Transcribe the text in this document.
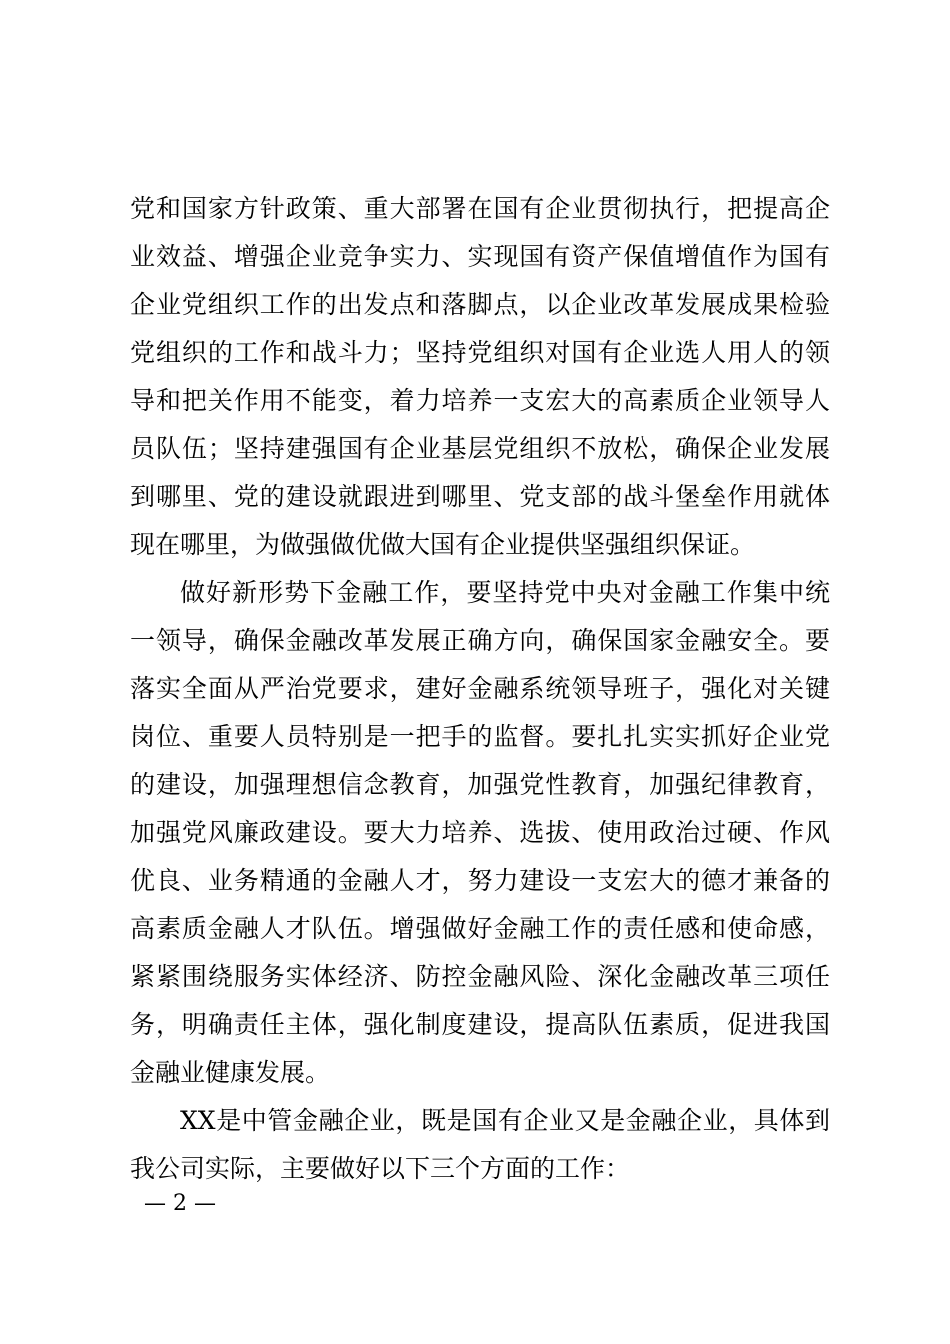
党和国家方针政策、重大部署在国有企业贯彻执行，把提高企
业效益、增强企业竞争实力、实现国有资产保值增值作为国有
企业党组织工作的出发点和落脚点，以企业改革发展成果检验
党组织的工作和战斗力；坚持党组织对国有企业选人用人的领
导和把关作用不能变，着力培养一支宏大的高素质企业领导人
员队伍；坚持建强国有企业基层党组织不放松，确保企业发展
到哪里、党的建设就跟进到哪里、党支部的战斗堡垒作用就体
现在哪里，为做强做优做大国有企业提供坚强组织保证。
做好新形势下金融工作，要坚持党中央对金融工作集中统
一领导，确保金融改革发展正确方向，确保国家金融安全。要
落实全面从严治党要求，建好金融系统领导班子，强化对关键
岗位、重要人员特别是一把手的监督。要扎扎实实抓好企业党
的建设，加强理想信念教育，加强党性教育，加强纪律教育，
加强党风廉政建设。要大力培养、选拔、使用政治过硬、作风
优良、业务精通的金融人才，努力建设一支宏大的德才兼备的
高素质金融人才队伍。增强做好金融工作的责任感和使命感，
紧紧围绕服务实体经济、防控金融风险、深化金融改革三项任
务，明确责任主体，强化制度建设，提高队伍素质，促进我国
金融业健康发展。
XX是中管金融企业，既是国有企业又是金融企业，具体到
我公司实际，主要做好以下三个方面的工作：
— 2 —
